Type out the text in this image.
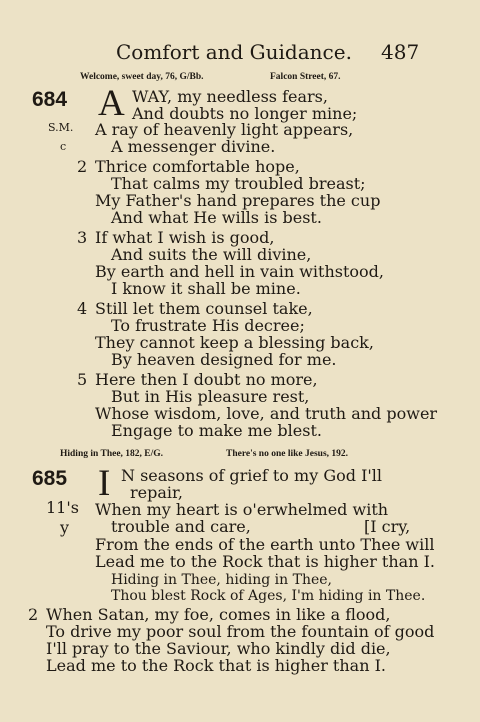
Comfort and Guidance. 487
Welcome, sweet day, 76, G/Bb.	Falcon Street, 67.
684 A
S.M.
c
WAY, my needless fears,
And doubts no longer mine;
A ray of heavenly light appears,
A messenger divine.
2 Thrice comfortable hope,
That calms my troubled breast;
My Father's hand prepares the cup
And what He wills is best.
3 If what I wish is good,
And suits the will divine,
By earth and hell in vain withstood,
I know it shall be mine.
4 Still let them counsel take,
To frustrate His decree;
They cannot keep a blessing back,
By heaven designed for me.
5 Here then I doubt no more,
But in His pleasure rest,
Whose wisdom, love, and truth and power
Engage to make me blest.
Hiding in Thee, 182, E/G.	There's no one like Jesus, 192.
685 I
11's
y
N seasons of grief to my God I'll
repair,
When my heart is o'erwhelmed with
trouble and care,	[I cry,
From the ends of the earth unto Thee will
Lead me to the Rock that is higher than I.
Hiding in Thee, hiding in Thee,
Thou blest Rock of Ages, I'm hiding in Thee.
2 When Satan, my foe, comes in like a flood,
To drive my poor soul from the fountain of good
I'll pray to the Saviour, who kindly did die,
Lead me to the Rock that is higher than I.
